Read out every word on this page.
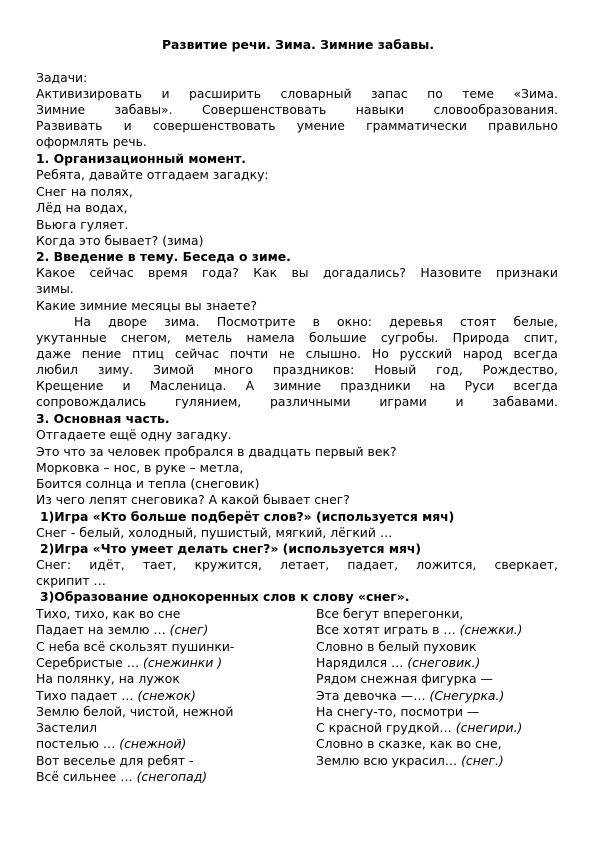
Развитие речи. Зима. Зимние забавы.
Задачи:
Активизировать и расширить словарный запас по теме «Зима.
Зимние забавы». Совершенствовать навыки словообразования.
Развивать и совершенствовать умение грамматически правильно
оформлять речь.
1. Организационный момент.
Ребята, давайте отгадаем загадку:
Снег на полях,
Лёд на водах,
Вьюга гуляет.
Когда это бывает? (зима)
2. Введение в тему. Беседа о зиме.
Какое сейчас время года? Как вы догадались? Назовите признаки
зимы.
Какие зимние месяцы вы знаете?
На дворе зима. Посмотрите в окно: деревья стоят белые,
укутанные снегом, метель намела большие сугробы. Природа спит,
даже пение птиц сейчас почти не слышно. Но русский народ всегда
любил зиму. Зимой много праздников: Новый год, Рождество,
Крещение и Масленица. А зимние праздники на Руси всегда
сопровождались гулянием, различными играми и забавами.
3. Основная часть.
Отгадаете ещё одну загадку.
Это что за человек пробрался в двадцать первый век?
Морковка – нос, в руке – метла,
Боится солнца и тепла (снеговик)
Из чего лепят снеговика? А какой бывает снег?
1)Игра «Кто больше подберёт слов?» (используется мяч)
Снег - белый, холодный, пушистый, мягкий, лёгкий …
2)Игра «Что умеет делать снег?» (используется мяч)
Снег: идёт, тает, кружится, летает, падает, ложится, сверкает,
скрипит …
3)Образование однокоренных слов к слову «снег».
Тихо, тихо, как во сне
Падает на землю … (снег)
С неба всё скользят пушинки-
Серебристые … (снежинки )
На полянку, на лужок
Тихо падает … (снежок)
Землю белой, чистой, нежной
Застелил
постелью … (снежной)
Вот веселье для ребят -
Всё сильнее … (снегопад)
Все бегут вперегонки,
Все хотят играть в … (снежки.)
Словно в белый пуховик
Нарядился … (снеговик.)
Рядом снежная фигурка —
Эта девочка —… (Снегурка.)
На снегу-то, посмотри —
С красной грудкой… (снегири.)
Словно в сказке, как во сне,
Землю всю украсил… (снег.)
